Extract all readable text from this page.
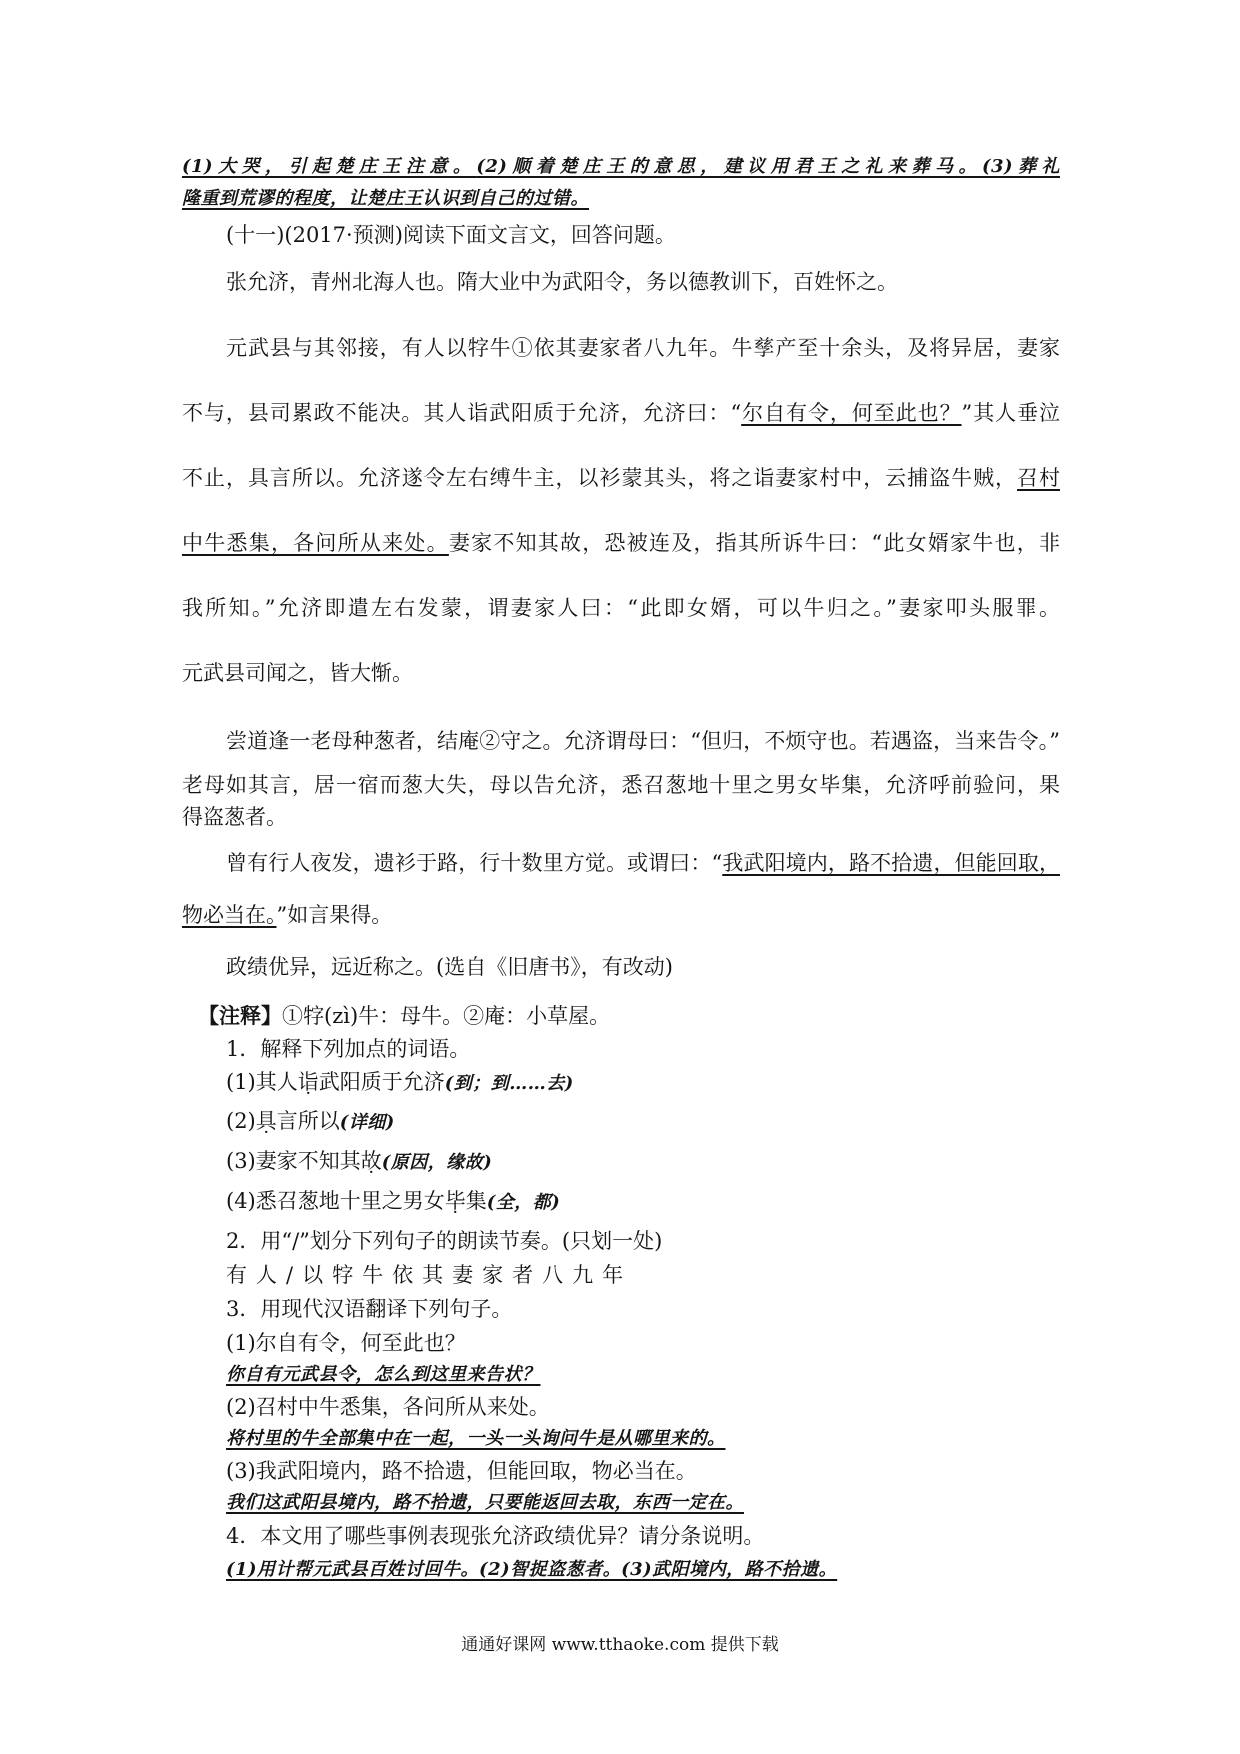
(1)大哭，引起楚庄王注意。(2)顺着楚庄王的意思，建议用君王之礼来葬马。(3)葬礼
隆重到荒谬的程度，让楚庄王认识到自己的过错。
(十一)(2017·预测)阅读下面文言文，回答问题。
张允济，青州北海人也。隋大业中为武阳令，务以德教训下，百姓怀之。
元武县与其邻接，有人以牸牛①依其妻家者八九年。牛孳产至十余头，及将异居，妻家
不与，县司累政不能决。其人诣武阳质于允济，允济曰：“尔自有令，何至此也？”其人垂泣
不止，具言所以。允济遂令左右缚牛主，以衫蒙其头，将之诣妻家村中，云捕盗牛贼，召村
中牛悉集，各问所从来处。妻家不知其故，恐被连及，指其所诉牛曰：“此女婿家牛也，非
我所知。”允济即遣左右发蒙，谓妻家人曰：“此即女婿，可以牛归之。”妻家叩头服罪。
元武县司闻之，皆大惭。
尝道逢一老母种葱者，结庵②守之。允济谓母曰：“但归，不烦守也。若遇盗，当来告令。”
老母如其言，居一宿而葱大失，母以告允济，悉召葱地十里之男女毕集，允济呼前验问，果
得盗葱者。
曾有行人夜发，遗衫于路，行十数里方觉。或谓曰：“我武阳境内，路不拾遗，但能回取，
物必当在。”如言果得。
政绩优异，远近称之。(选自《旧唐书》，有改动)
【注释】①牸(zì)牛：母牛。②庵：小草屋。
1．解释下列加点的词语。
(1)其人诣武阳质于允济(到；到……去)
(2)具言所以(详细)
(3)妻家不知其故(原因，缘故)
(4)悉召葱地十里之男女毕集(全，都)
2．用“/”划分下列句子的朗读节奏。(只划一处)
有人/以牸牛依其妻家者八九年
3．用现代汉语翻译下列句子。
(1)尔自有令，何至此也？
你自有元武县令，怎么到这里来告状？
(2)召村中牛悉集，各问所从来处。
将村里的牛全部集中在一起，一头一头询问牛是从哪里来的。
(3)我武阳境内，路不拾遗，但能回取，物必当在。
我们这武阳县境内，路不拾遗，只要能返回去取，东西一定在。
4．本文用了哪些事例表现张允济政绩优异？请分条说明。
(1)用计帮元武县百姓讨回牛。(2)智捉盗葱者。(3)武阳境内，路不拾遗。
通通好课网 www.tthaoke.com 提供下载
